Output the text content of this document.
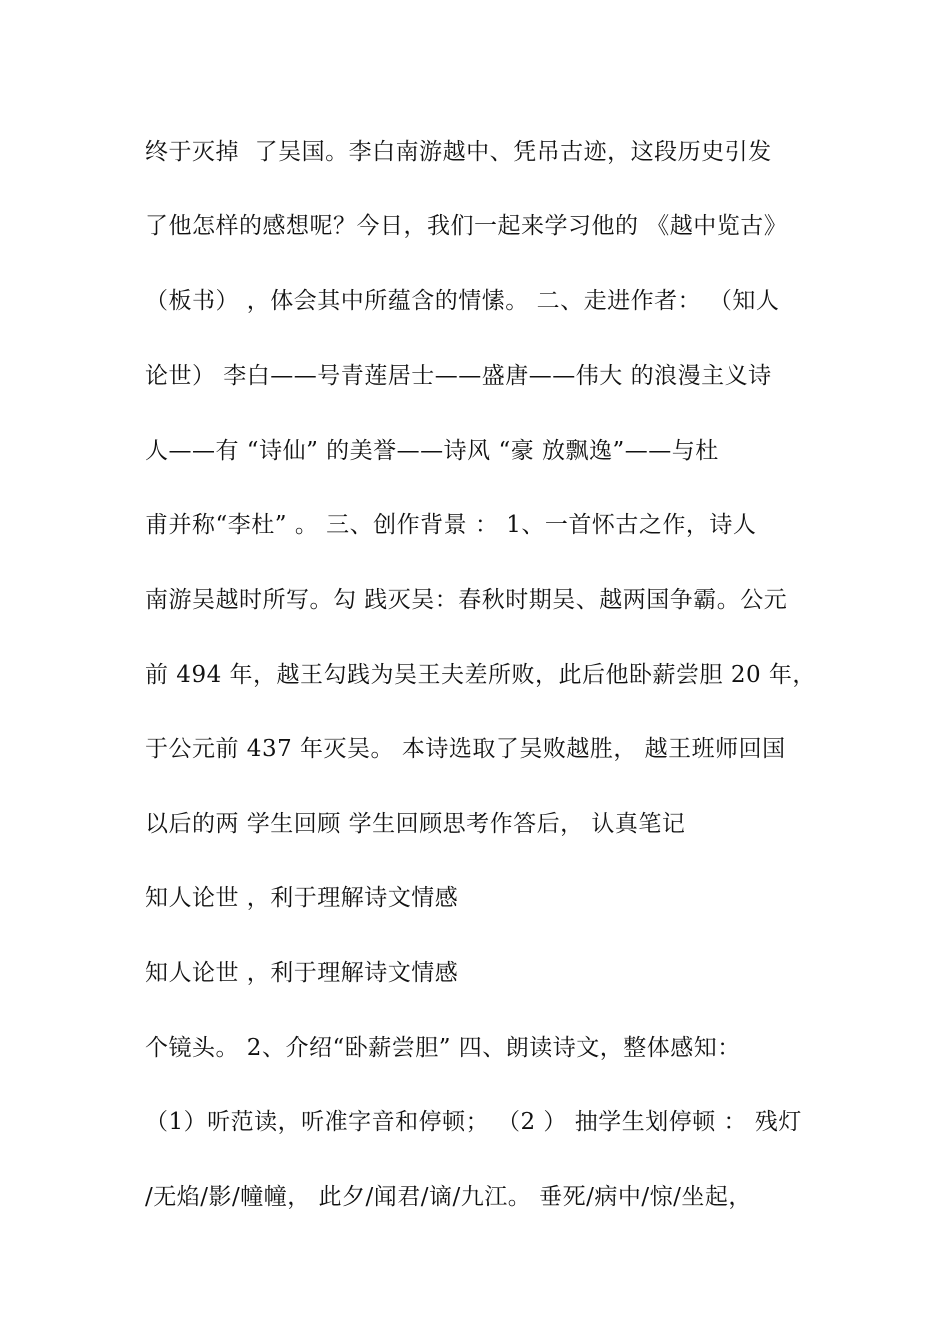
终于灭掉  了吴国。李白南游越中、凭吊古迹，这段历史引发
了他怎样的感想呢？今日，我们一起来学习他的 《越中览古》
（板书） ，体会其中所蕴含的情愫。 二、走进作者： （知人
论世） 李白——号青莲居士——盛唐——伟大 的浪漫主义诗
人——有 “诗仙” 的美誉——诗风 “豪 放飘逸”——与杜
甫并称“李杜” 。 三、创作背景 ： 1、一首怀古之作，诗人
南游吴越时所写。勾 践灭吴：春秋时期吴、越两国争霸。公元
前 494 年，越王勾践为吴王夫差所败，此后他卧薪尝胆 20 年，
于公元前 437 年灭吴。 本诗选取了吴败越胜， 越王班师回国
以后的两 学生回顾 学生回顾思考作答后， 认真笔记
知人论世 ，利于理解诗文情感
知人论世 ，利于理解诗文情感
个镜头。 2、介绍“卧薪尝胆” 四、朗读诗文，整体感知：
（1）听范读，听准字音和停顿； （2 ） 抽学生划停顿 ： 残灯
/无焰/影/幢幢， 此夕/闻君/谪/九江。 垂死/病中/惊/坐起，
